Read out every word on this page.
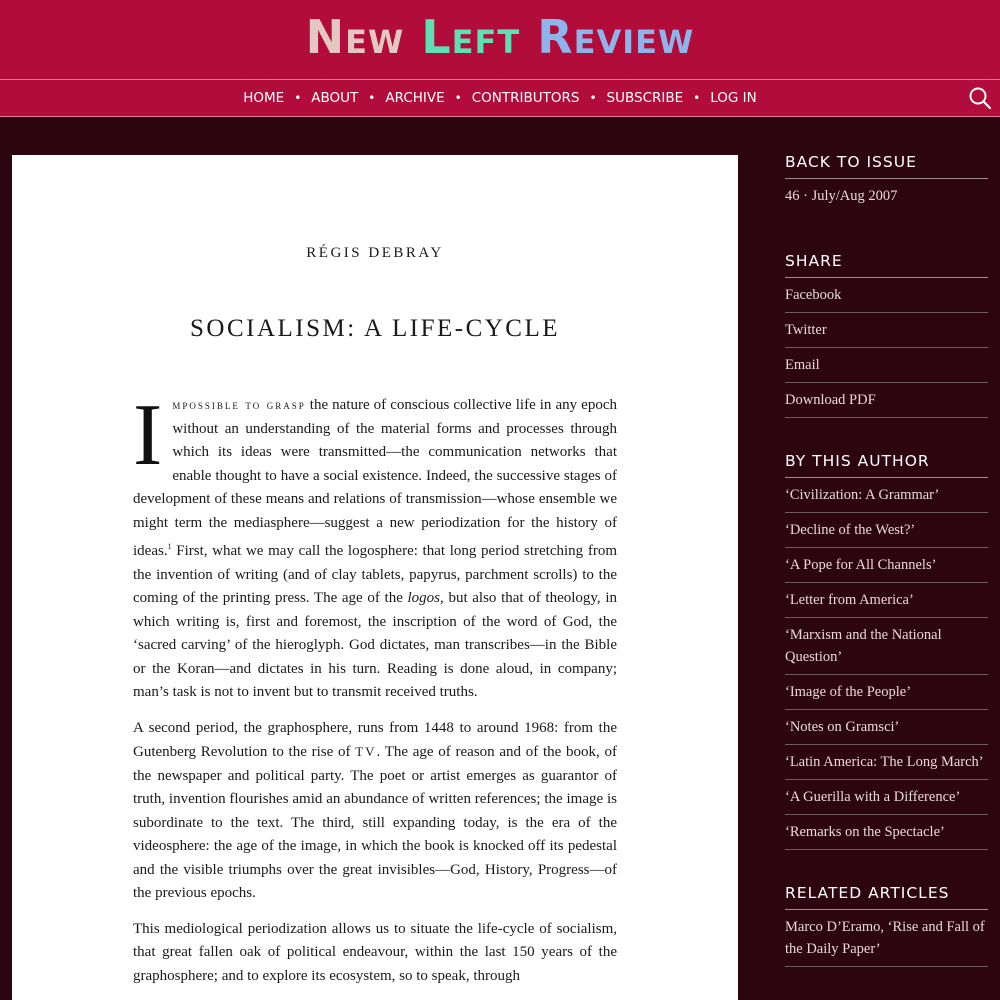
New Left Review
HOME • ABOUT • ARCHIVE • CONTRIBUTORS • SUBSCRIBE • LOG IN
RÉGIS DEBRAY
SOCIALISM: A LIFE-CYCLE

Impossible to grasp the nature of conscious collective life in any epoch without an understanding of the material forms and processes through which its ideas were transmitted—the communication networks that enable thought to have a social existence. Indeed, the successive stages of development of these means and relations of transmission—whose ensemble we might term the mediasphere—suggest a new periodization for the history of ideas.$^1$ First, what we may call the logosphere: that long period stretching from the invention of writing (and of clay tablets, papyrus, parchment scrolls) to the coming of the printing press. The age of the logos, but also that of theology, in which writing is, first and foremost, the inscription of the word of God, the ‘sacred carving’ of the hieroglyph. God dictates, man transcribes—in the Bible or the Koran—and dictates in his turn. Reading is done aloud, in company; man’s task is not to invent but to transmit received truths.

A second period, the graphosphere, runs from 1448 to around 1968: from the Gutenberg Revolution to the rise of TV. The age of reason and of the book, of the newspaper and political party. The poet or artist emerges as guarantor of truth, invention flourishes amid an abundance of written references; the image is subordinate to the text. The third, still expanding today, is the era of the videosphere: the age of the image, in which the book is knocked off its pedestal and the visible triumphs over the great invisibles—God, History, Progress—of the previous epochs.

This mediological periodization allows us to situate the life-cycle of socialism, that great fallen oak of political endeavour, within the last 150 years of the graphosphere; and to explore its ecosystem, so to speak, through

BACK TO ISSUE
46 · July/Aug 2007
SHARE
Facebook
Twitter
Email
Download PDF
BY THIS AUTHOR
‘Civilization: A Grammar’
‘Decline of the West?’
‘A Pope for All Channels’
‘Letter from America’
‘Marxism and the National Question’
‘Image of the People’
‘Notes on Gramsci’
‘Latin America: The Long March’
‘A Guerilla with a Difference’
‘Remarks on the Spectacle’
RELATED ARTICLES
Marco D’Eramo, ‘Rise and Fall of the Daily Paper’
